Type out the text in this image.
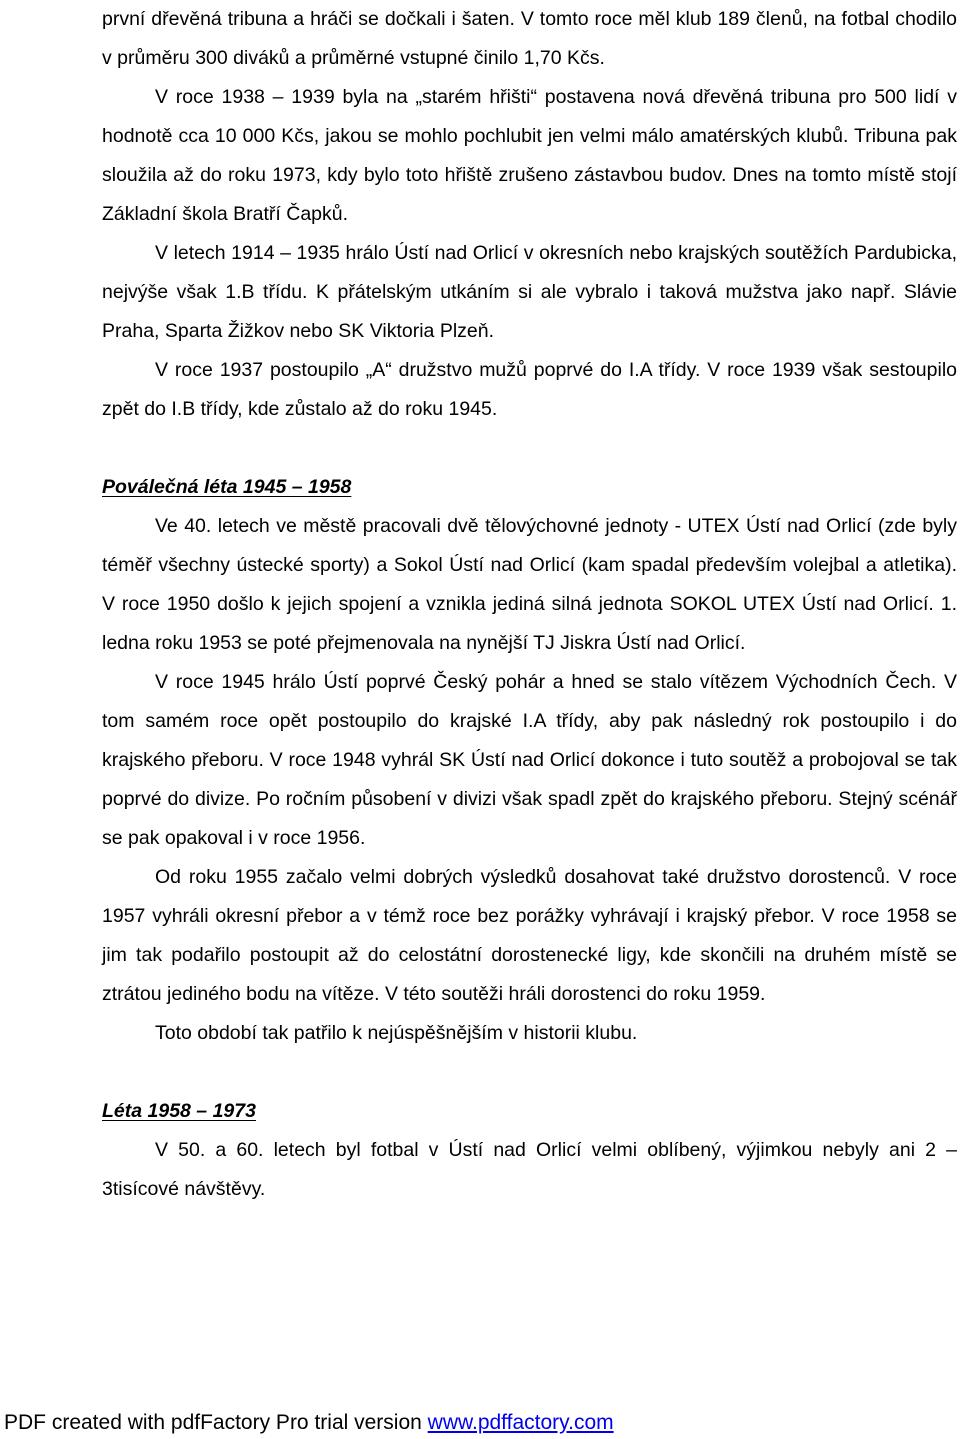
první dřevěná tribuna a hráči se dočkali i šaten. V tomto roce měl klub 189 členů, na fotbal chodilo v průměru 300 diváků a průměrné vstupné činilo 1,70 Kčs.

V roce 1938 – 1939 byla na „starém hřišti“ postavena nová dřevěná tribuna pro 500 lidí v hodnotě cca 10 000 Kčs, jakou se mohlo pochlubit jen velmi málo amatérských klubů. Tribuna pak sloužila až do roku 1973, kdy bylo toto hřiště zrušeno zástavbou budov. Dnes na tomto místě stojí Základní škola Bratří Čapků.

V letech 1914 – 1935 hrálo Ústí nad Orlicí v okresních nebo krajských soutěžích Pardubicka, nejvýše však 1.B třídu. K přátelským utkáním si ale vybralo i taková mužstva jako např. Slávie Praha, Sparta Žižkov nebo SK Viktoria Plzeň.

V roce 1937 postoupilo „A“ družstvo mužů poprvé do I.A třídy. V roce 1939 však sestoupilo zpět do I.B třídy, kde zůstalo až do roku 1945.

Poválečná léta 1945 – 1958

Ve 40. letech ve městě pracovali dvě tělovýchovné jednoty - UTEX Ústí nad Orlicí (zde byly téměř všechny ústecké sporty) a Sokol Ústí nad Orlicí (kam spadal především volejbal a atletika). V roce 1950 došlo k jejich spojení a vznikla jediná silná jednota SOKOL UTEX Ústí nad Orlicí. 1. ledna roku 1953 se poté přejmenovala na nynější TJ Jiskra Ústí nad Orlicí.

V roce 1945 hrálo Ústí poprvé Český pohár a hned se stalo vítězem Východních Čech. V tom samém roce opět postoupilo do krajské I.A třídy, aby pak následný rok postoupilo i do krajského přeboru. V roce 1948 vyhrál SK Ústí nad Orlicí dokonce i tuto soutěž a probojoval se tak poprvé do divize. Po ročním působení v divizi však spadl zpět do krajského přeboru. Stejný scénář se pak opakoval i v roce 1956.

Od roku 1955 začalo velmi dobrých výsledků dosahovat také družstvo dorostenců. V roce 1957 vyhráli okresní přebor a v témž roce bez porážky vyhrávají i krajský přebor. V roce 1958 se jim tak podařilo postoupit až do celostátní dorostenecké ligy, kde skončili na druhém místě se ztrátou jediného bodu na vítěze. V této soutěži hráli dorostenci do roku 1959.

Toto období tak patřilo k nejúspěšnějším v historii klubu.

Léta 1958 – 1973

V 50. a 60. letech byl fotbal v Ústí nad Orlicí velmi oblíbený, výjimkou nebyly ani 2 – 3tisícové návštěvy.

PDF created with pdfFactory Pro trial version www.pdffactory.com
